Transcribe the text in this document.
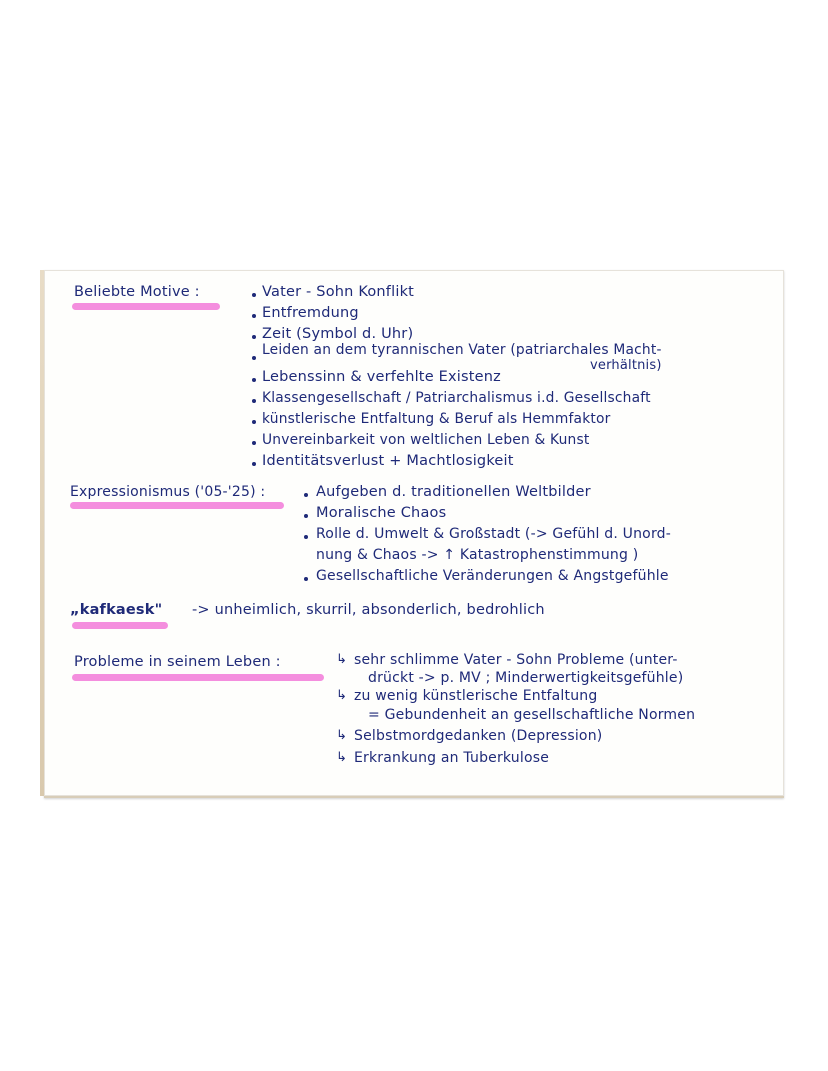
Beliebte Motive :	Vater - Sohn Konflikt
Entfremdung
Zeit (Symbol d. Uhr)
Leiden an dem tyrannischen Vater (patriarchales Macht-
verhältnis)
Lebenssinn & verfehlte Existenz
Klassengesellschaft / Patriarchalismus i.d. Gesellschaft
künstlerische Entfaltung & Beruf als Hemmfaktor
Unvereinbarkeit von weltlichen Leben & Kunst
Identitätsverlust + Machtlosigkeit
Expressionismus ('05-'25) :	Aufgeben d. traditionellen Weltbilder
Moralische Chaos
Rolle d. Umwelt & Großstadt (-> Gefühl d. Unord-
nung & Chaos -> ↑ Katastrophenstimmung )
Gesellschaftliche Veränderungen & Angstgefühle
„kafkaesk" -> unheimlich, skurril, absonderlich, bedrohlich
Probleme in seinem Leben :	↳ sehr schlimme Vater - Sohn Probleme (unter-
drückt -> p. MV ; Minderwertigkeitsgefühle)
↳ zu wenig künstlerische Entfaltung
= Gebundenheit an gesellschaftliche Normen
↳ Selbstmordgedanken (Depression)
↳ Erkrankung an Tuberkulose
